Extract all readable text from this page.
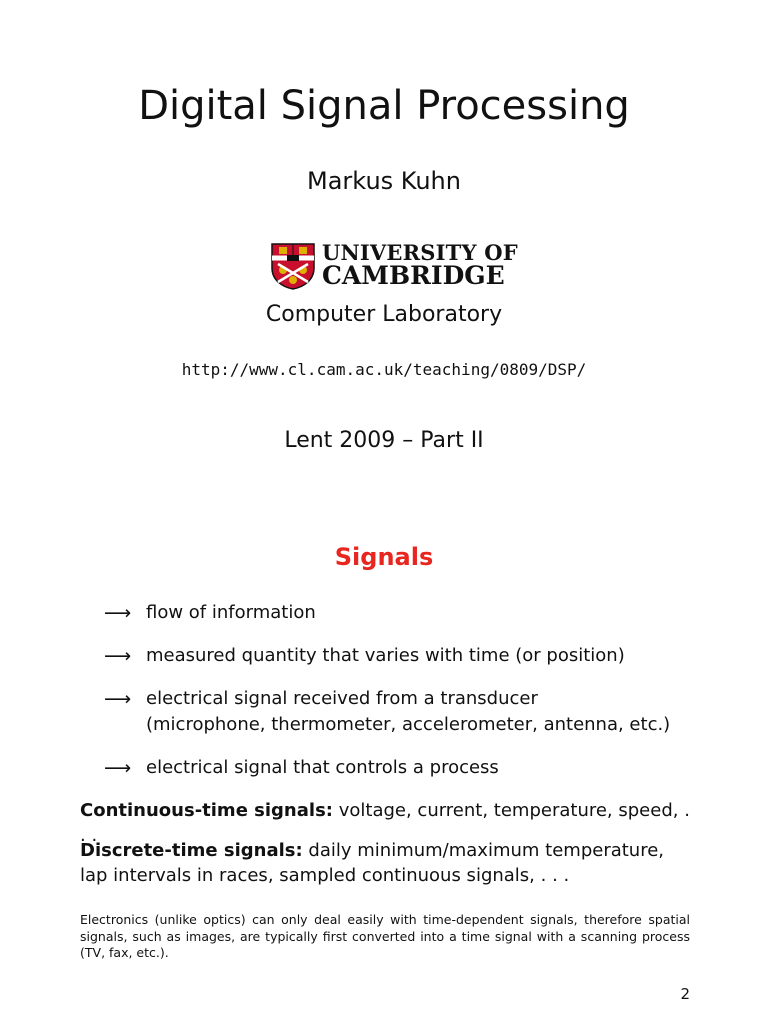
Digital Signal Processing
Markus Kuhn
UNIVERSITY OF
CAMBRIDGE
Computer Laboratory
http://www.cl.cam.ac.uk/teaching/0809/DSP/
Lent 2009 – Part II
Signals
⟶ flow of information
⟶ measured quantity that varies with time (or position)
⟶ electrical signal received from a transducer
(microphone, thermometer, accelerometer, antenna, etc.)
⟶ electrical signal that controls a process
Continuous-time signals: voltage, current, temperature, speed, . . .
Discrete-time signals: daily minimum/maximum temperature,
lap intervals in races, sampled continuous signals, . . .
Electronics (unlike optics) can only deal easily with time-dependent signals, therefore spatial signals, such as images, are typically first converted into a time signal with a scanning process (TV, fax, etc.).
2
